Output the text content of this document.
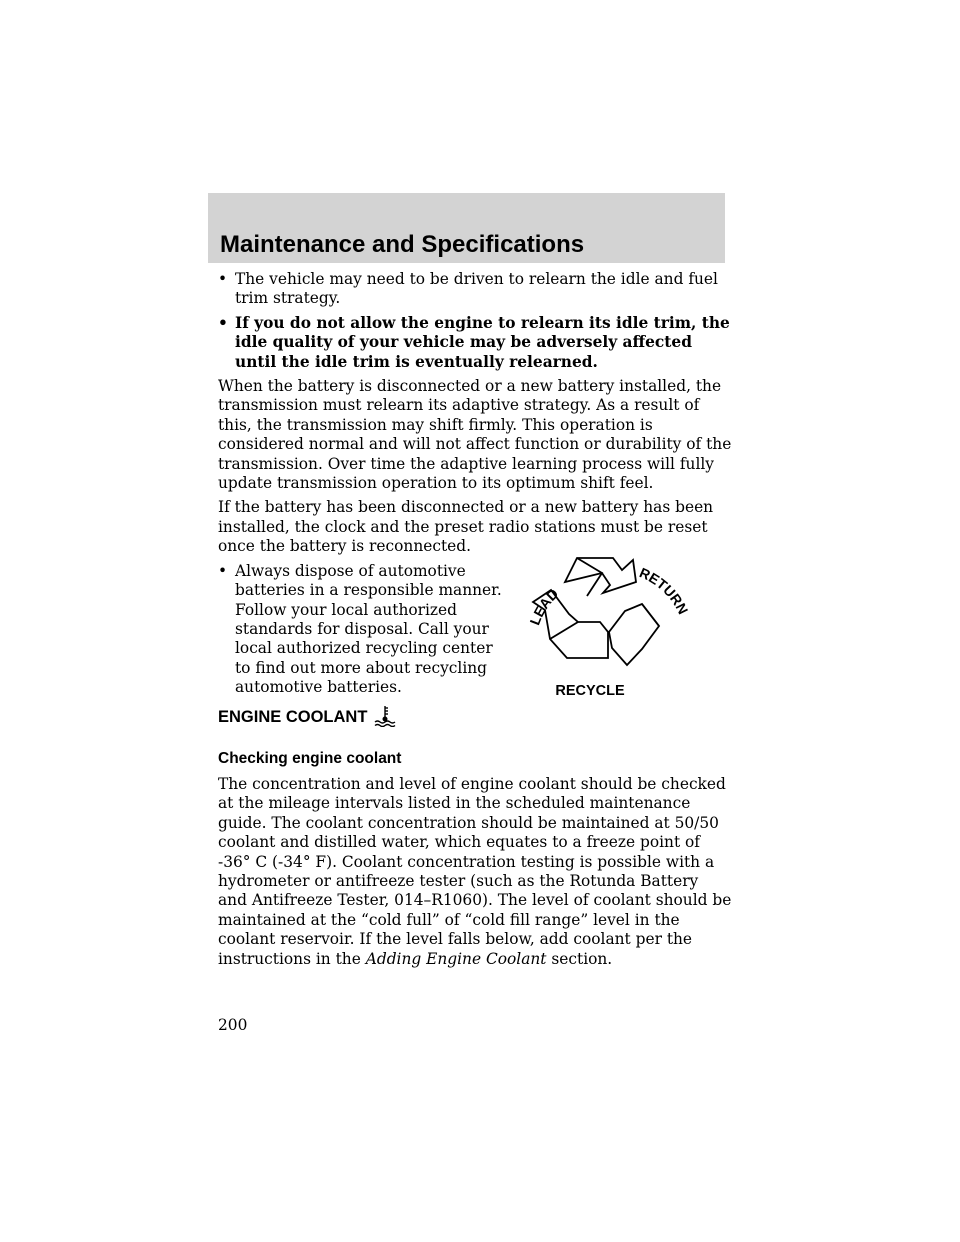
Maintenance and Specifications
• The vehicle may need to be driven to relearn the idle and fuel trim strategy.
• If you do not allow the engine to relearn its idle trim, the idle quality of your vehicle may be adversely affected until the idle trim is eventually relearned.

When the battery is disconnected or a new battery installed, the transmission must relearn its adaptive strategy. As a result of this, the transmission may shift firmly. This operation is considered normal and will not affect function or durability of the transmission. Over time the adaptive learning process will fully update transmission operation to its optimum shift feel.

If the battery has been disconnected or a new battery has been installed, the clock and the preset radio stations must be reset once the battery is reconnected.

• Always dispose of automotive batteries in a responsible manner. Follow your local authorized standards for disposal. Call your local authorized recycling center to find out more about recycling automotive batteries.
LEAD
RETURN
RECYCLE
ENGINE COOLANT
Checking engine coolant
The concentration and level of engine coolant should be checked at the mileage intervals listed in the scheduled maintenance guide. The coolant concentration should be maintained at 50/50 coolant and distilled water, which equates to a freeze point of -36° C (-34° F). Coolant concentration testing is possible with a hydrometer or antifreeze tester (such as the Rotunda Battery and Antifreeze Tester, 014–R1060). The level of coolant should be maintained at the “cold full” of “cold fill range” level in the coolant reservoir. If the level falls below, add coolant per the instructions in the Adding Engine Coolant section.
200
